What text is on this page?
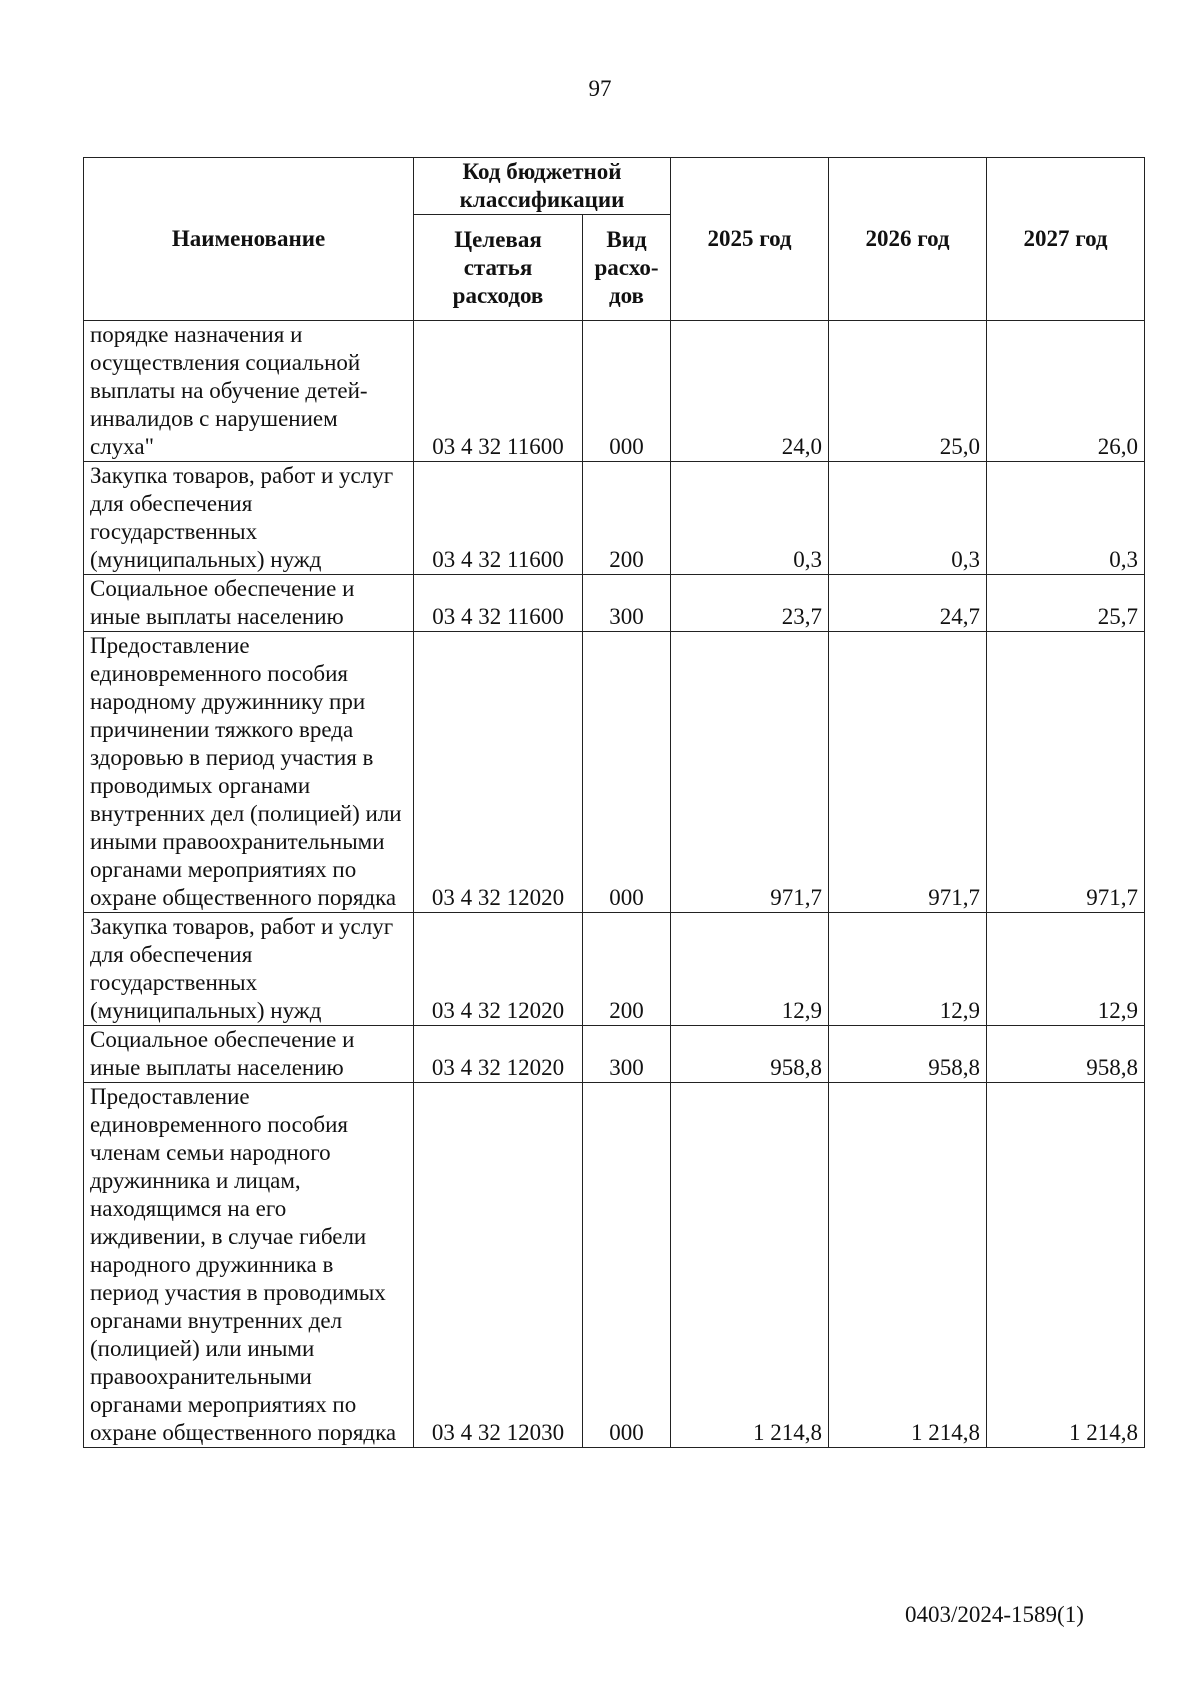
97
Наименование	Код бюджетной классификации		2025 год	2026 год	2027 год
	Целевая статья расходов	Вид расхо-дов			
порядке назначения и осуществления социальной выплаты на обучение детей-инвалидов с нарушением слуха"	03 4 32 11600	000	24,0	25,0	26,0
Закупка товаров, работ и услуг для обеспечения государственных (муниципальных) нужд	03 4 32 11600	200	0,3	0,3	0,3
Социальное обеспечение и иные выплаты населению	03 4 32 11600	300	23,7	24,7	25,7
Предоставление единовременного пособия народному дружиннику при причинении тяжкого вреда здоровью в период участия в проводимых органами внутренних дел (полицией) или иными правоохранительными органами мероприятиях по охране общественного порядка	03 4 32 12020	000	971,7	971,7	971,7
Закупка товаров, работ и услуг для обеспечения государственных (муниципальных) нужд	03 4 32 12020	200	12,9	12,9	12,9
Социальное обеспечение и иные выплаты населению	03 4 32 12020	300	958,8	958,8	958,8
Предоставление единовременного пособия членам семьи народного дружинника и лицам, находящимся на его иждивении, в случае гибели народного дружинника в период участия в проводимых органами внутренних дел (полицией) или иными правоохранительными органами мероприятиях по охране общественного порядка	03 4 32 12030	000	1 214,8	1 214,8	1 214,8
0403/2024-1589(1)
